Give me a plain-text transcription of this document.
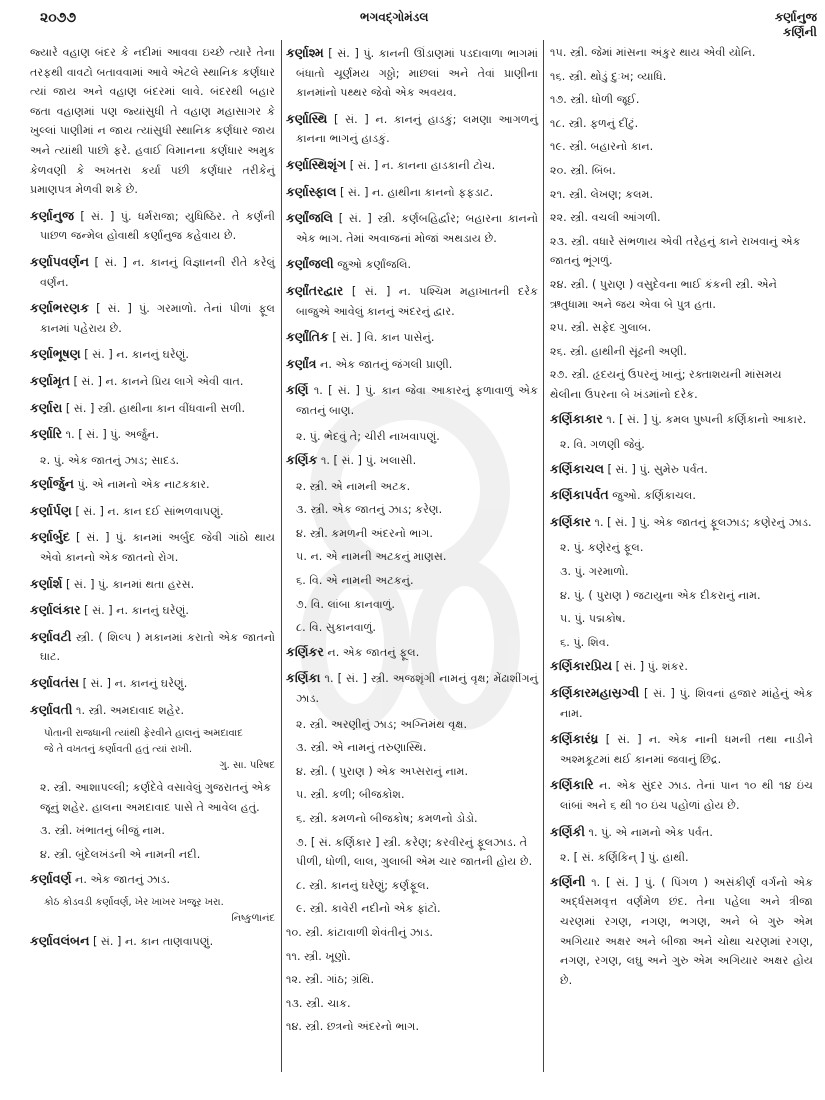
૨૦૭૭	ભગવદ્ગોમંડલ	કર્ણાનુજ
કર્ણિની

જ્યારે વહાણ બંદર કે નદીમાં આવવા ઇચ્છે ત્યારે તેના તરફથી વાવટો બતાવવામાં આવે એટલે સ્થાનિક કર્ણધાર ત્યાં જાય અને વહાણ બંદરમાં લાવે. બંદરથી બહાર જતા વહાણમાં પણ જ્યાંસુધી તે વહાણ મહાસાગર કે ખુલ્લાં પાણીમાં ન જાય ત્યાંસુધી સ્થાનિક કર્ણધાર જાય અને ત્યાંથી પાછો ફરે. હવાઈ વિમાનના કર્ણધાર અમુક કેળવણી કે અખતરા કર્યા પછી કર્ણધાર તરીકેનું પ્રમાણપત્ર મેળવી શકે છે.

કર્ણાનુજ [ સં. ] પું. ધર્મરાજા; યુધિષ્ઠિર. તે કર્ણની પાછળ જન્મેલ હોવાથી કર્ણાનુજ કહેવાય છે.

કર્ણાપવર્ણન [ સં. ] ન. કાનનું વિજ્ઞાનની રીતે કરેલું વર્ણન.

કર્ણાભરણક [ સં. ] પું. ગરમાળો. તેનાં પીળાં ફૂલ કાનમાં પહેરાય છે.

કર્ણાભૂષણ [ સં. ] ન. કાનનું ઘરેણું.

કર્ણામૃત [ સં. ] ન. કાનને પ્રિય લાગે એવી વાત.

કર્ણારા [ સં. ] સ્ત્રી. હાથીના કાન વીંધવાની સળી.

કર્ણારિ ૧. [ સં. ] પું. અર્જુન.

૨. પું. એક જાતનું ઝાડ; સાદડ.

કર્ણાર્જુન પું. એ નામનો એક નાટકકાર.

કર્ણાર્પણ [ સં. ] ન. કાન દઈ સાંભળવાપણું.

કર્ણાર્બુદ [ સં. ] પું. કાનમાં અર્બુદ જેવી ગાંઠો થાય એવો કાનનો એક જાતનો રોગ.

કર્ણાર્શ [ સં. ] પું. કાનમાં થતા હરસ.

કર્ણાલંકાર [ સં. ] ન. કાનનું ઘરેણું.

કર્ણાવટી સ્ત્રી. ( શિલ્પ ) મકાનમાં કરાતો એક જાતનો ઘાટ.

કર્ણાવતંસ [ સં. ] ન. કાનનું ઘરેણું.

કર્ણાવતી ૧. સ્ત્રી. અમદાવાદ શહેર.

પોતાની રાજધાની ત્યાંથી ફેરવીને હાલનું અમદાવાદ

જે તે વખતનું કર્ણાવતી હતું ત્યાં રાખી.

ગુ. સા. પરિષદ

૨. સ્ત્રી. આશાપલ્લી; કર્ણદેવે વસાવેલું ગુજરાતનું એક જૂનું શહેર. હાલના અમદાવાદ પાસે તે આવેલ હતું.

૩. સ્ત્રી. ખંભાતનું બીજું નામ.

૪. સ્ત્રી. બુંદેલખંડની એ નામની નદી.

કર્ણાવર્ણ ન. એક જાતનું ઝાડ.

કોઠ કોડવડી કર્ણાવર્ણ, ખેર ખાખર ખજૂર ખરા.

નિષ્કુળાનંદ

કર્ણાવલંબન [ સં. ] ન. કાન તાણવાપણું.

કર્ણાશ્મ [ સં. ] પું. કાનની ઊંડાણમાં પડદાવાળા ભાગમાં બંધાતો ચૂર્ણમય ગઠ્ઠો; માછલાં અને તેવાં પ્રાણીના કાનમાંનો પથ્થર જેવો એક અવયવ.

કર્ણાસ્થિ [ સં. ] ન. કાનનું હાડકું; લમણા આગળનું કાનના ભાગનું હાડકું.

કર્ણાસ્થિશૃંગ [ સં. ] ન. કાનના હાડકાની ટોચ.

કર્ણાસ્ફાલ [ સં. ] ન. હાથીના કાનનો ફફડાટ.

કર્ણાંજલિ [ સં. ] સ્ત્રી. કર્ણબહિર્દ્વાર; બહારના કાનનો એક ભાગ. તેમાં અવાજનાં મોજાં અથડાય છે.

કર્ણાંજલી જુઓ કર્ણાંજલિ.

કર્ણાંતરદ્વાર [ સં. ] ન. પશ્ચિમ મહાખાતની દરેક બાજુએ આવેલું કાનનું અંદરનું દ્વાર.

કર્ણાંતિક [ સં. ] વિ. કાન પાસેનું.

કર્ણાંત્ર ન. એક જાતનું જંગલી પ્રાણી.

કર્ણિ ૧. [ સં. ] પું. કાન જેવા આકારનું ફળાવાળું એક જાતનું બાણ.

૨. પું. ભેદવું તે; ચીરી નાખવાપણું.

કર્ણિક ૧. [ સં. ] પું. ખલાસી.

૨. સ્ત્રી. એ નામની અટક.

૩. સ્ત્રી. એક જાતનું ઝાડ; કરેણ.

૪. સ્ત્રી. કમળની અંદરનો ભાગ.

૫. ન. એ નામની અટકનું માણસ.

૬. વિ. એ નામની અટકનું.

૭. વિ. લાંબા કાનવાળું.

૮. વિ. સુકાનવાળું.

કર્ણિકર ન. એક જાતનું ફૂલ.

કર્ણિકા ૧. [ સં. ] સ્ત્રી. અજશૃંગી નામનું વૃક્ષ; મેંઢાશીંગનું ઝાડ.

૨. સ્ત્રી. અરણીનું ઝાડ; અગ્નિમંથ વૃક્ષ.

૩. સ્ત્રી. એ નામનું તરુણાસ્થિ.

૪. સ્ત્રી. ( પુરાણ ) એક અપ્સરાનું નામ.

૫. સ્ત્રી. કળી; બીજકોશ.

૬. સ્ત્રી. કમળનો બીજકોષ; કમળનો ડોડો.

૭. [ સં. કર્ણિકાર ] સ્ત્રી. કરેણ; કરવીરનું ફૂલઝાડ. તે પીળી, ધોળી, લાલ, ગુલાબી એમ ચાર જાતની હોય છે.

૮. સ્ત્રી. કાનનું ઘરેણું; કર્ણફૂલ.

૯. સ્ત્રી. કાવેરી નદીનો એક ફાંટો.

૧૦. સ્ત્રી. કાંટાવાળી શેવંતીનું ઝાડ.

૧૧. સ્ત્રી. ખૂણો.

૧૨. સ્ત્રી. ગાંઠ; ગ્રંથિ.

૧૩. સ્ત્રી. ચાક.

૧૪. સ્ત્રી. છત્રનો અંદરનો ભાગ.

૧૫. સ્ત્રી. જેમાં માંસના અંકુર થાય એવી યોનિ.

૧૬. સ્ત્રી. થોડું દુઃખ; વ્યાધિ.

૧૭. સ્ત્રી. ધોળી જૂઈ.

૧૮. સ્ત્રી. ફળનું દીંટું.

૧૯. સ્ત્રી. બહારનો કાન.

૨૦. સ્ત્રી. બિંબ.

૨૧. સ્ત્રી. લેખણ; કલમ.

૨૨. સ્ત્રી. વચલી આંગળી.

૨૩. સ્ત્રી. વધારે સંભળાય એવી તરેહનું કાને રાખવાનું એક જાતનું ભૂંગળું.

૨૪. સ્ત્રી. ( પુરાણ ) વસુદેવના ભાઈ કંકની સ્ત્રી. એને ઋતુધામા અને જય એવા બે પુત્ર હતા.

૨૫. સ્ત્રી. સફેદ ગુલાબ.

૨૬. સ્ત્રી. હાથીની સૂંઢની અણી.

૨૭. સ્ત્રી. હૃદયનું ઉપરનું ખાનું; રક્તાશયની માંસમય થેલીના ઉપરના બે ખંડમાંનો દરેક.

કર્ણિકાકાર ૧. [ સં. ] પું. કમલ પુષ્પની કર્ણિકાનો આકાર.

૨. વિ. ગળણી જેવું.

કર્ણિકાચલ [ સં. ] પું. સુમેરુ પર્વત.

કર્ણિકાપર્વત જુઓ. કર્ણિકાચલ.

કર્ણિકાર ૧. [ સં. ] પું. એક જાતનું ફૂલઝાડ; કણેરનું ઝાડ.

૨. પું. કણેરનું ફૂલ.

૩. પું. ગરમાળો.

૪. પું. ( પુરાણ ) જટાયુના એક દીકરાનું નામ.

૫. પું. પદ્મકોષ.

૬. પું. શિવ.

કર્ણિકારપ્રિય [ સં. ] પું. શંકર.

કર્ણિકારમહાસ્રગ્વી [ સં. ] પું. શિવનાં હજાર માંહેનું એક નામ.

કર્ણિકારંધ્ર [ સં. ] ન. એક નાની ધમની તથા નાડીને અશ્મકૂટમાં થઈ કાનમાં જવાનું છિદ્ર.

કર્ણિકારિ ન. એક સુંદર ઝાડ. તેનાં પાન ૧૦ થી ૧૪ ઇંચ લાંબાં અને ૬ થી ૧૦ ઇંચ પહોળાં હોય છે.

કર્ણિકી ૧. પું. એ નામનો એક પર્વત.

૨. [ સં. કર્ણિકિન્ ] પું. હાથી.

કર્ણિની ૧. [ સં. ] પું. ( પિંગળ ) અસંકીર્ણ વર્ગનો એક અર્દ્ધસમવૃત્ત વર્ણમેળ છંદ. તેના પહેલા અને ત્રીજા ચરણમાં રગણ, નગણ, ભગણ, અને બે ગુરુ એમ અગિયાર અક્ષર અને બીજા અને ચોથા ચરણમાં રગણ, નગણ, રગણ, લઘુ અને ગુરુ એમ અગિયાર અક્ષર હોય છે.
